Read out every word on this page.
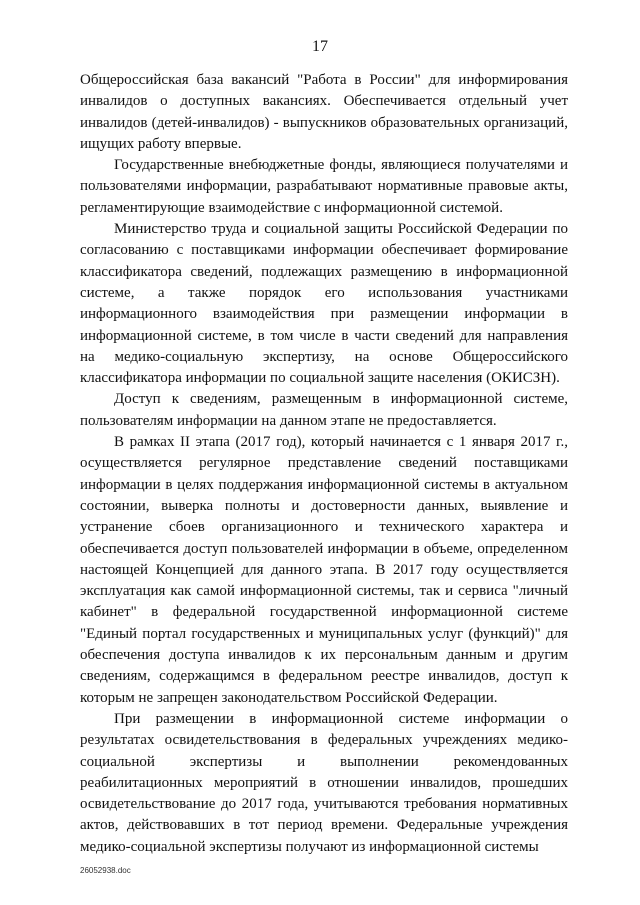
17

Общероссийская база вакансий "Работа в России" для информирования инвалидов о доступных вакансиях. Обеспечивается отдельный учет инвалидов (детей-инвалидов) - выпускников образовательных организаций, ищущих работу впервые.

Государственные внебюджетные фонды, являющиеся получателями и пользователями информации, разрабатывают нормативные правовые акты, регламентирующие взаимодействие с информационной системой.

Министерство труда и социальной защиты Российской Федерации по согласованию с поставщиками информации обеспечивает формирование классификатора сведений, подлежащих размещению в информационной системе, а также порядок его использования участниками информационного взаимодействия при размещении информации в информационной системе, в том числе в части сведений для направления на медико-социальную экспертизу, на основе Общероссийского классификатора информации по социальной защите населения (ОКИСЗН).

Доступ к сведениям, размещенным в информационной системе, пользователям информации на данном этапе не предоставляется.

В рамках II этапа (2017 год), который начинается с 1 января 2017 г., осуществляется регулярное представление сведений поставщиками информации в целях поддержания информационной системы в актуальном состоянии, выверка полноты и достоверности данных, выявление и устранение сбоев организационного и технического характера и обеспечивается доступ пользователей информации в объеме, определенном настоящей Концепцией для данного этапа. В 2017 году осуществляется эксплуатация как самой информационной системы, так и сервиса "личный кабинет" в федеральной государственной информационной системе "Единый портал государственных и муниципальных услуг (функций)" для обеспечения доступа инвалидов к их персональным данным и другим сведениям, содержащимся в федеральном реестре инвалидов, доступ к которым не запрещен законодательством Российской Федерации.

При размещении в информационной системе информации о результатах освидетельствования в федеральных учреждениях медико-социальной экспертизы и выполнении рекомендованных реабилитационных мероприятий в отношении инвалидов, прошедших освидетельствование до 2017 года, учитываются требования нормативных актов, действовавших в тот период времени. Федеральные учреждения медико-социальной экспертизы получают из информационной системы

26052938.doc
